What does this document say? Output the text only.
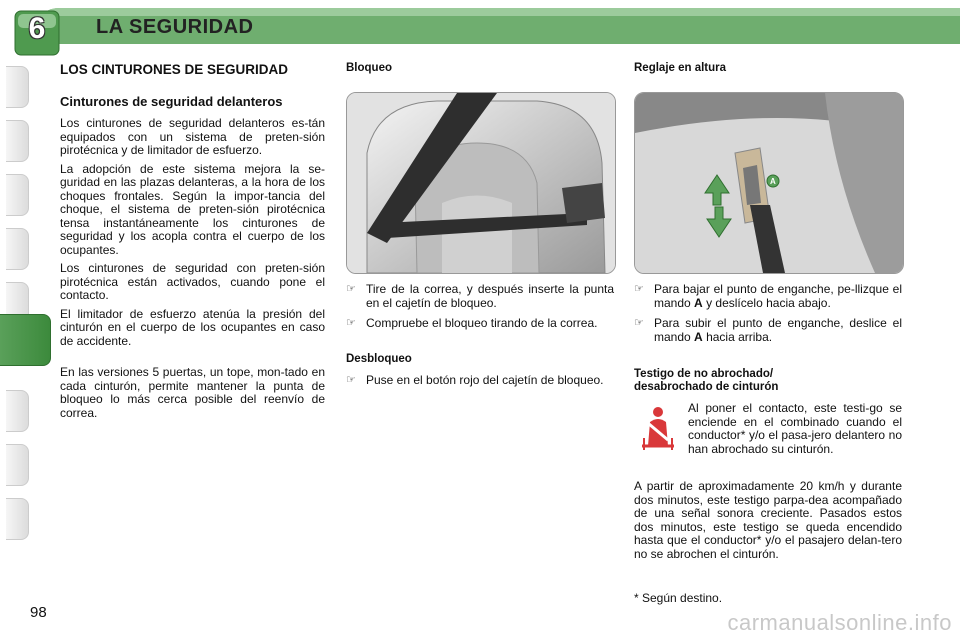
6	LA SEGURIDAD
LOS CINTURONES DE SEGURIDAD
Cinturones de seguridad delanteros

Los cinturones de seguridad delanteros es-tán equipados con un sistema de preten-sión pirotécnica y de limitador de esfuerzo.

La adopción de este sistema mejora la se-guridad en las plazas delanteras, a la hora de los choques frontales. Según la impor-tancia del choque, el sistema de preten-sión pirotécnica tensa instantáneamente los cinturones de seguridad y los acopla contra el cuerpo de los ocupantes.

Los cinturones de seguridad con preten-sión pirotécnica están activados, cuando pone el contacto.

El limitador de esfuerzo atenúa la presión del cinturón en el cuerpo de los ocupantes en caso de accidente.

En las versiones 5 puertas, un tope, mon-tado en cada cinturón, permite mantener la punta de bloqueo lo más cerca posible del reenvío de correa.

Bloqueo
☞ Tire de la correa, y después inserte la punta en el cajetín de bloqueo.
☞ Compruebe el bloqueo tirando de la correa.
Desbloqueo
☞ Puse en el botón rojo del cajetín de bloqueo.
Reglaje en altura
A
☞ Para bajar el punto de enganche, pe-llizque el mando A y deslícelo hacia abajo.
☞ Para subir el punto de enganche, deslice el mando A hacia arriba.
Testigo de no abrochado/ desabrochado de cinturón

Al poner el contacto, este testi-go se enciende en el combinado cuando el conductor* y/o el pasa-jero delantero no han abrochado su cinturón.

A partir de aproximadamente 20 km/h y durante dos minutos, este testigo parpa-dea acompañado de una señal sonora creciente. Pasados estos dos minutos, este testigo se queda encendido hasta que el conductor* y/o el pasajero delan-tero no se abrochen el cinturón.

* Según destino.
98	carmanualsonline.info
